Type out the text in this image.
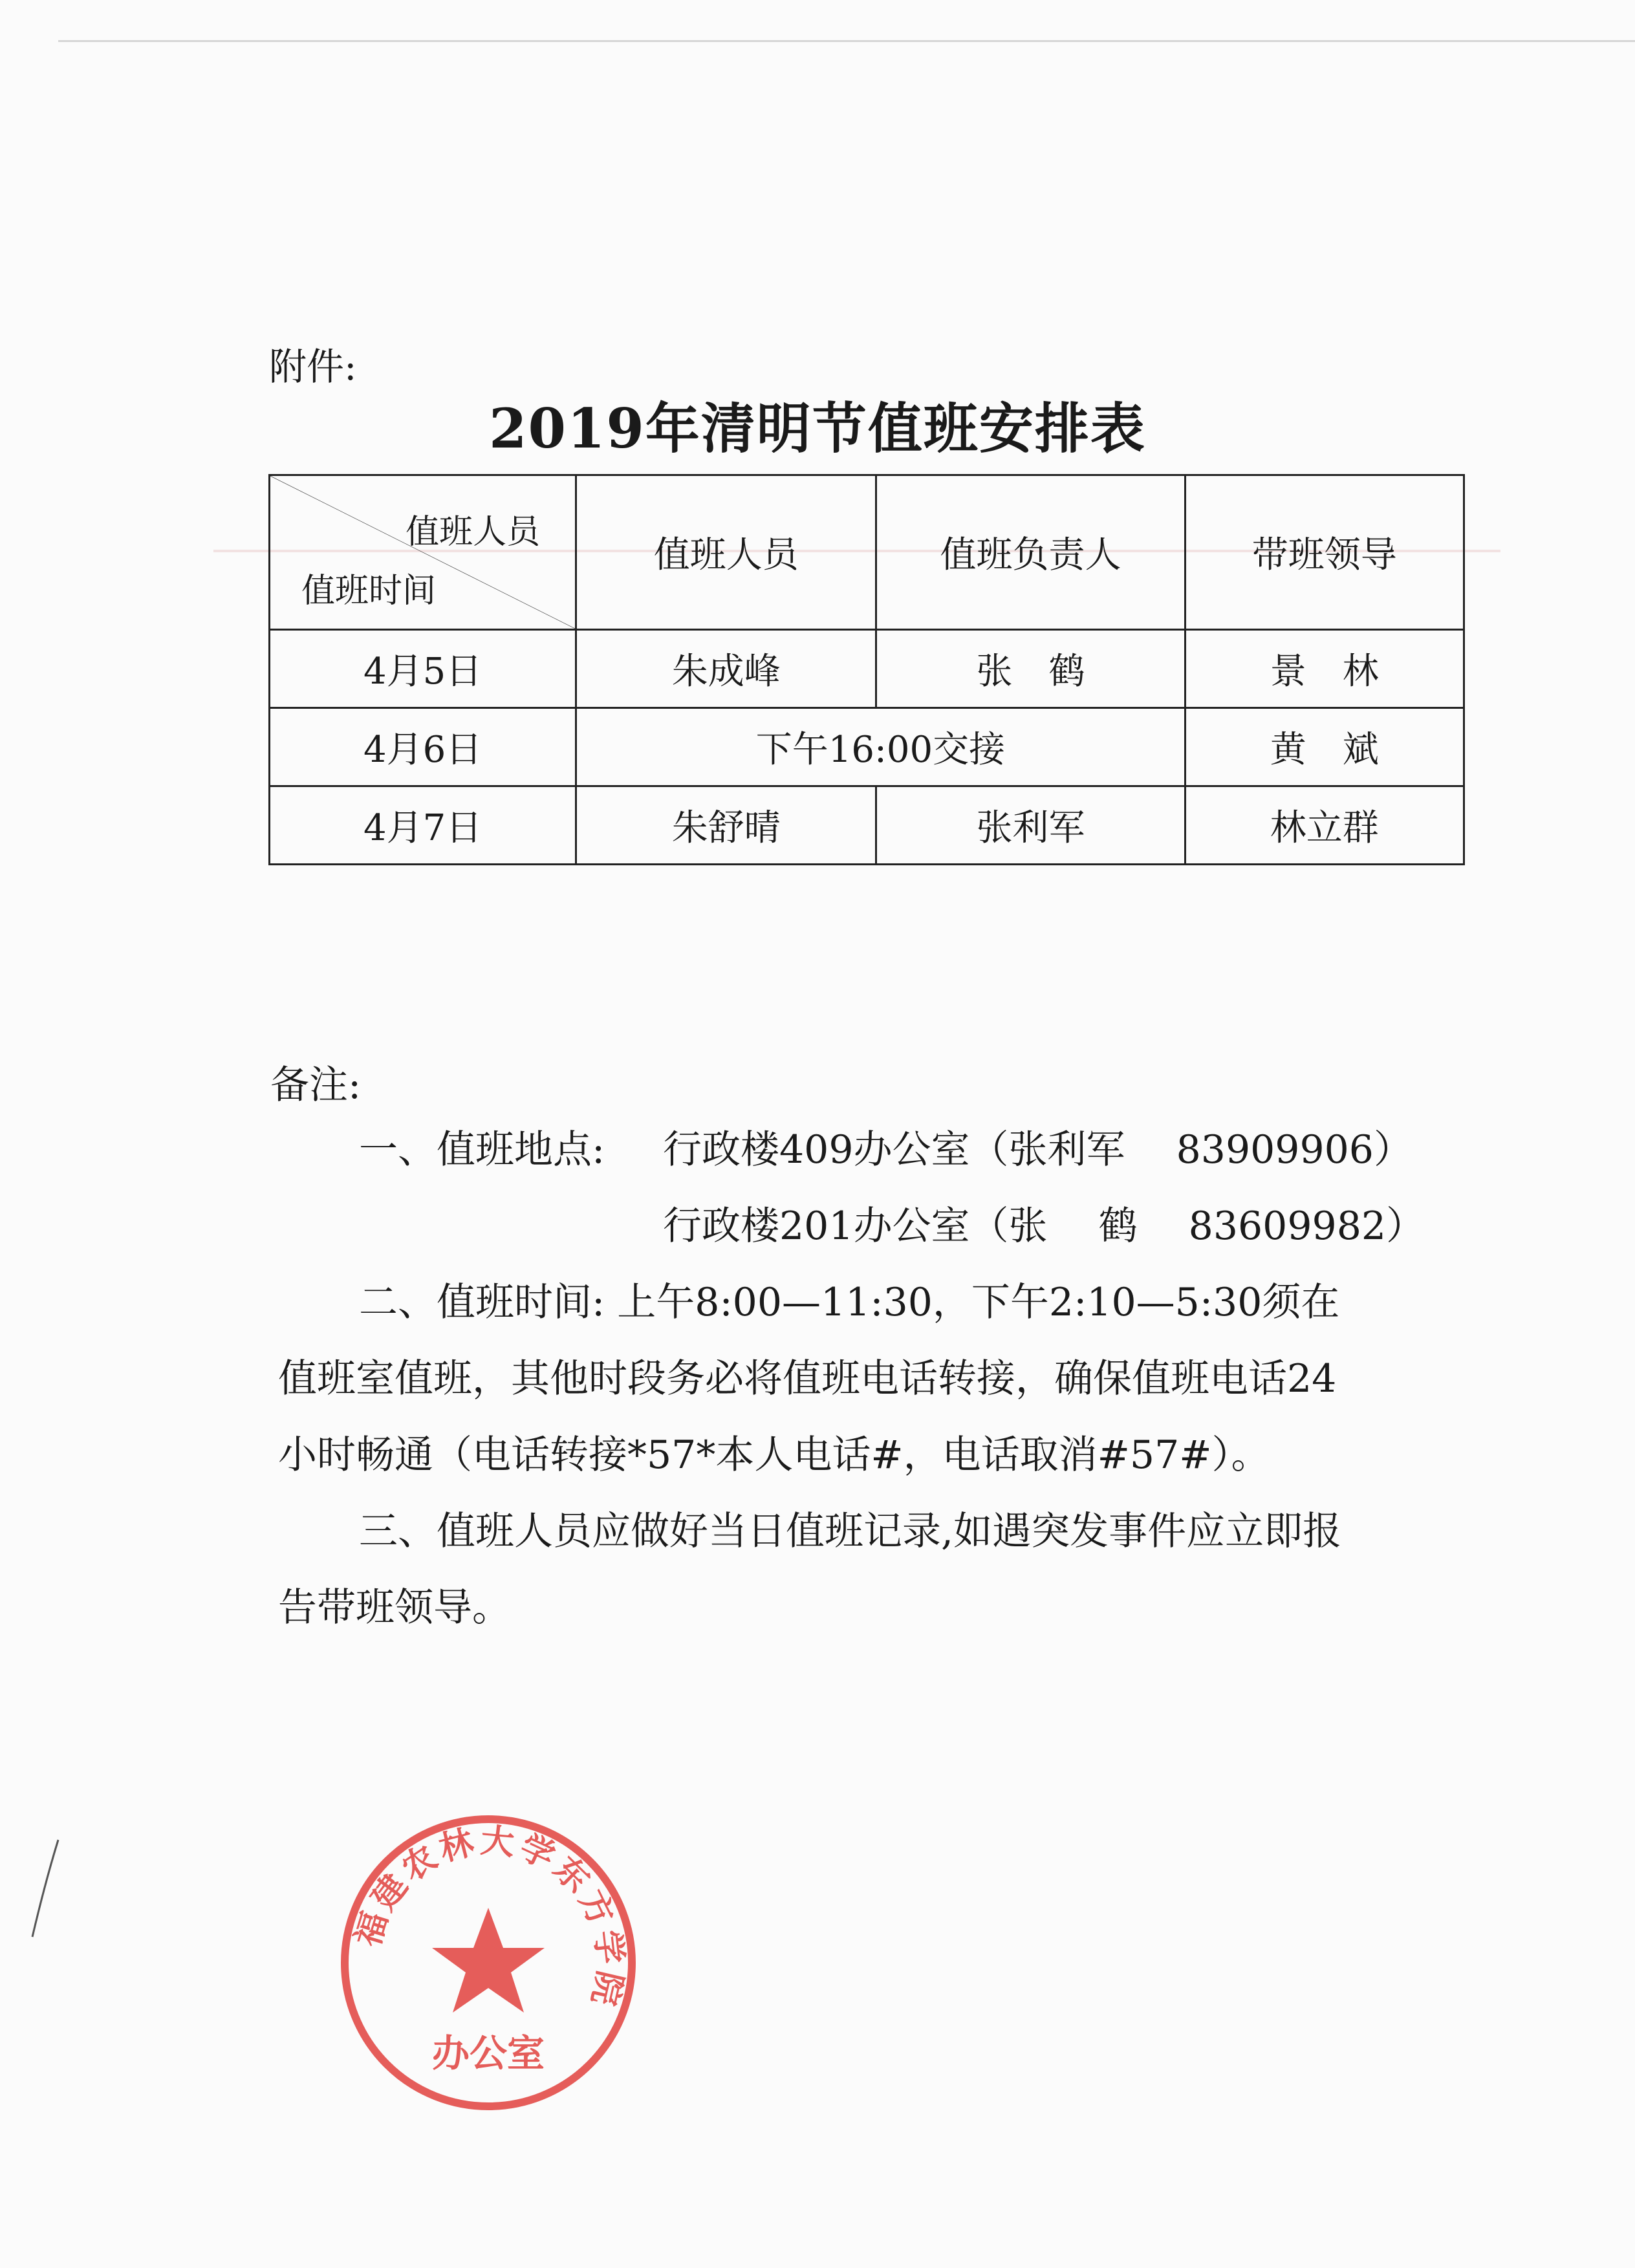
附件:
2019年清明节值班安排表
值班人员
值班时间	值班人员	值班负责人	带班领导
4月5日	朱成峰	张　鹤	景　林
4月6日	下午16:00交接		黄　斌
4月7日	朱舒晴	张利军	林立群
备注:
一、值班地点: 行政楼409办公室（张利军　 83909906）
行政楼201办公室（张　 鹤　 83609982）
二、值班时间: 上午8:00—11:30，下午2:10—5:30须在
值班室值班，其他时段务必将值班电话转接，确保值班电话24
小时畅通（电话转接*57*本人电话#，电话取消#57#）。
三、值班人员应做好当日值班记录,如遇突发事件应立即报
告带班领导。
福建农林大学东方学院
办公室
